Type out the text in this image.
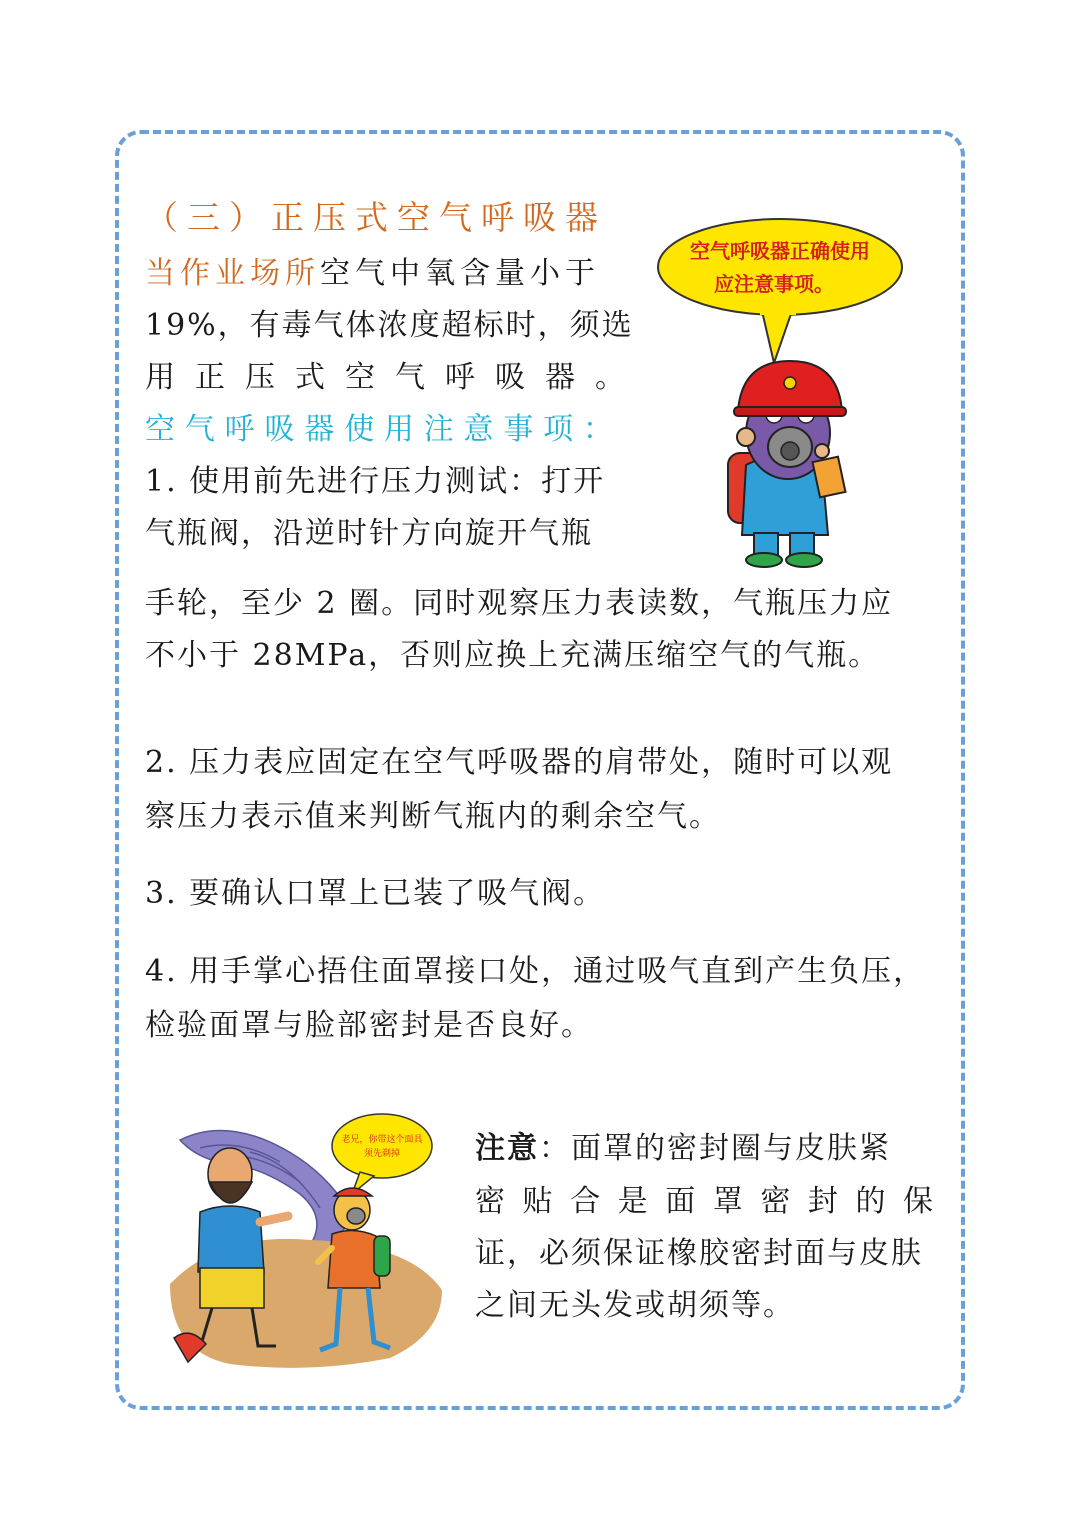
（三）正压式空气呼吸器
当作业场所空气中氧含量小于
19%，有毒气体浓度超标时，须选
用正压式空气呼吸器。
空气呼吸器使用注意事项：
1. 使用前先进行压力测试：打开
气瓶阀，沿逆时针方向旋开气瓶
手轮，至少 2 圈。同时观察压力表读数，气瓶压力应
不小于 28MPa，否则应换上充满压缩空气的气瓶。
2. 压力表应固定在空气呼吸器的肩带处，随时可以观
察压力表示值来判断气瓶内的剩余空气。
3. 要确认口罩上已装了吸气阀。
4. 用手掌心捂住面罩接口处，通过吸气直到产生负压，
检验面罩与脸部密封是否良好。
注意：面罩的密封圈与皮肤紧
密贴合是面罩密封的保
证，必须保证橡胶密封面与皮肤
之间无头发或胡须等。
空气呼吸器正确使用
应注意事项。
老兄，你带这个面具
须先剃掉
